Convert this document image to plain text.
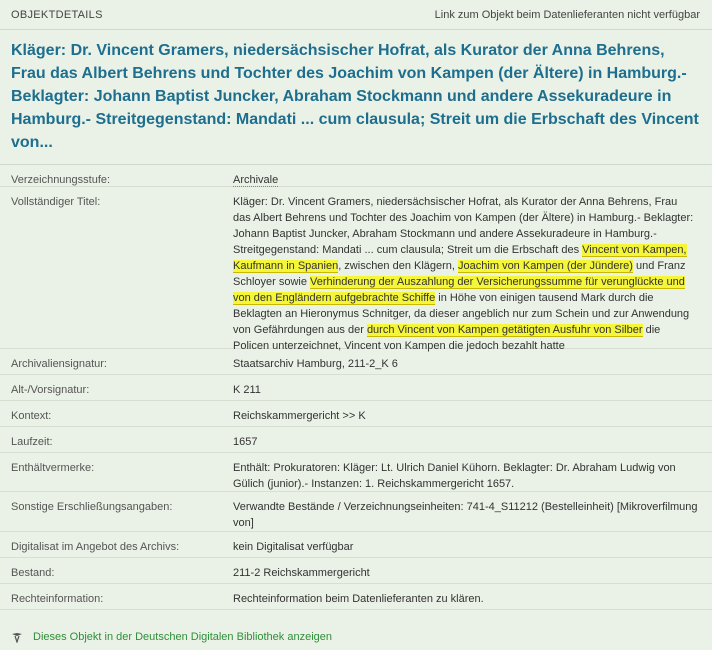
OBJEKTDETAILS	Link zum Objekt beim Datenlieferanten nicht verfügbar
Kläger: Dr. Vincent Gramers, niedersächsischer Hofrat, als Kurator der Anna Behrens, Frau das Albert Behrens und Tochter des Joachim von Kampen (der Ältere) in Hamburg.- Beklagter: Johann Baptist Juncker, Abraham Stockmann und andere Assekuradeure in Hamburg.- Streitgegenstand: Mandati ... cum clausula; Streit um die Erbschaft des Vincent von...
Verzeichnungsstufe:	Archivale
Vollständiger Titel:	Kläger: Dr. Vincent Gramers, niedersächsischer Hofrat, als Kurator der Anna Behrens, Frau das Albert Behrens und Tochter des Joachim von Kampen (der Ältere) in Hamburg.- Beklagter: Johann Baptist Juncker, Abraham Stockmann und andere Assekuradeure in Hamburg.- Streitgegenstand: Mandati ... cum clausula; Streit um die Erbschaft des Vincent von Kampen, Kaufmann in Spanien, zwischen den Klägern, Joachim von Kampen (der Jündere) und Franz Schloyer sowie Verhinderung der Auszahlung der Versicherungssumme für verunglückte und von den Engländern aufgebrachte Schiffe in Höhe von einigen tausend Mark durch die Beklagten an Hieronymus Schnitger, da dieser angeblich nur zum Schein und zur Anwendung von Gefährdungen aus der durch Vincent von Kampen getätigten Ausfuhr von Silber die Policen unterzeichnet, Vincent von Kampen die jedoch bezahlt hatte
Archivaliensignatur:	Staatsarchiv Hamburg, 211-2_K 6
Alt-/Vorsignatur:	K 211
Kontext:	Reichskammergericht >> K
Laufzeit:	1657
Enthältvermerke:	Enthält: Prokuratoren: Kläger: Lt. Ulrich Daniel Kühorn. Beklagter: Dr. Abraham Ludwig von Gülich (junior).- Instanzen: 1. Reichskammergericht 1657.
Sonstige Erschließungsangaben:	Verwandte Bestände / Verzeichnungseinheiten: 741-4_S11212 (Bestelleinheit) [Mikroverfilmung von]
Digitalisat im Angebot des Archivs:	kein Digitalisat verfügbar
Bestand:	211-2 Reichskammergericht
Rechteinformation:	Rechteinformation beim Datenlieferanten zu klären.
Dieses Objekt in der Deutschen Digitalen Bibliothek anzeigen
